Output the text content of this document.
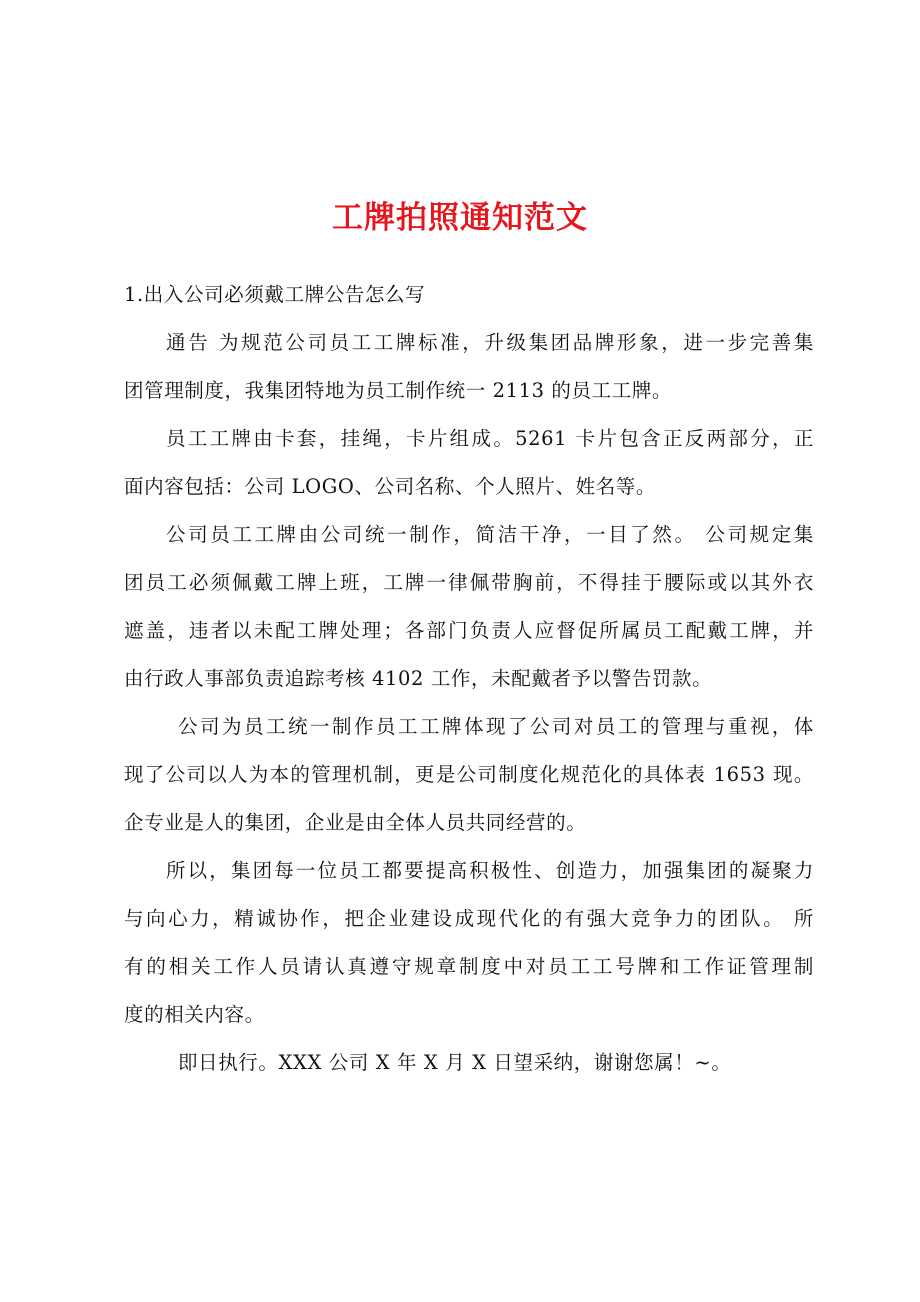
工牌拍照通知范文

1.出入公司必须戴工牌公告怎么写

通告 为规范公司员工工牌标准，升级集团品牌形象，进一步完善集

团管理制度，我集团特地为员工制作统一 2113 的员工工牌。

员工工牌由卡套，挂绳，卡片组成。5261 卡片包含正反两部分，正

面内容包括：公司 LOGO、公司名称、个人照片、姓名等。

公司员工工牌由公司统一制作，简洁干净，一目了然。 公司规定集

团员工必须佩戴工牌上班，工牌一律佩带胸前，不得挂于腰际或以其外衣

遮盖，违者以未配工牌处理；各部门负责人应督促所属员工配戴工牌，并

由行政人事部负责追踪考核 4102 工作，未配戴者予以警告罚款。

公司为员工统一制作员工工牌体现了公司对员工的管理与重视，体

现了公司以人为本的管理机制，更是公司制度化规范化的具体表 1653 现。

企专业是人的集团，企业是由全体人员共同经营的。

所以，集团每一位员工都要提高积极性、创造力，加强集团的凝聚力

与向心力，精诚协作，把企业建设成现代化的有强大竞争力的团队。 所

有的相关工作人员请认真遵守规章制度中对员工工号牌和工作证管理制

度的相关内容。

即日执行。XXX 公司 X 年 X 月 X 日望采纳，谢谢您属！~。
